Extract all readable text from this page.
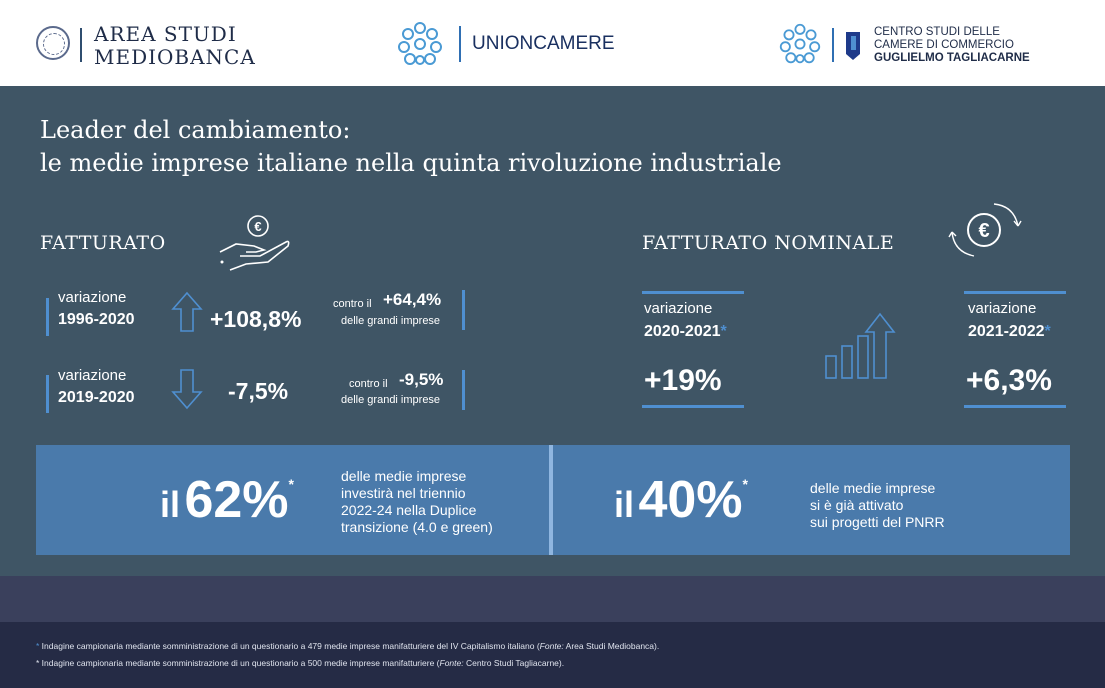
AREA STUDI
MEDIOBANCA
UNIONCAMERE
CENTRO STUDI DELLE
CAMERE DI COMMERCIO
GUGLIELMO TAGLIACARNE
Leader del cambiamento:
le medie imprese italiane nella quinta rivoluzione industriale
FATTURATO
€
variazione
1996-2020	+108,8%
contro il +64,4%
delle grandi imprese
variazione
2019-2020	-7,5%	contro il -9,5%
delle grandi imprese
FATTURATO NOMINALE
€
variazione
2020-2021*
+19%
variazione
2021-2022*
+6,3%
il 62%*	delle medie imprese
investirà nel triennio
2022-24 nella Duplice
transizione (4.0 e green)
il 40%*	delle medie imprese
si è già attivato
sui progetti del PNRR
* Indagine campionaria mediante somministrazione di un questionario a 479 medie imprese manifatturiere del IV Capitalismo italiano (Fonte: Area Studi Mediobanca).
* Indagine campionaria mediante somministrazione di un questionario a 500 medie imprese manifatturiere (Fonte: Centro Studi Tagliacarne).
